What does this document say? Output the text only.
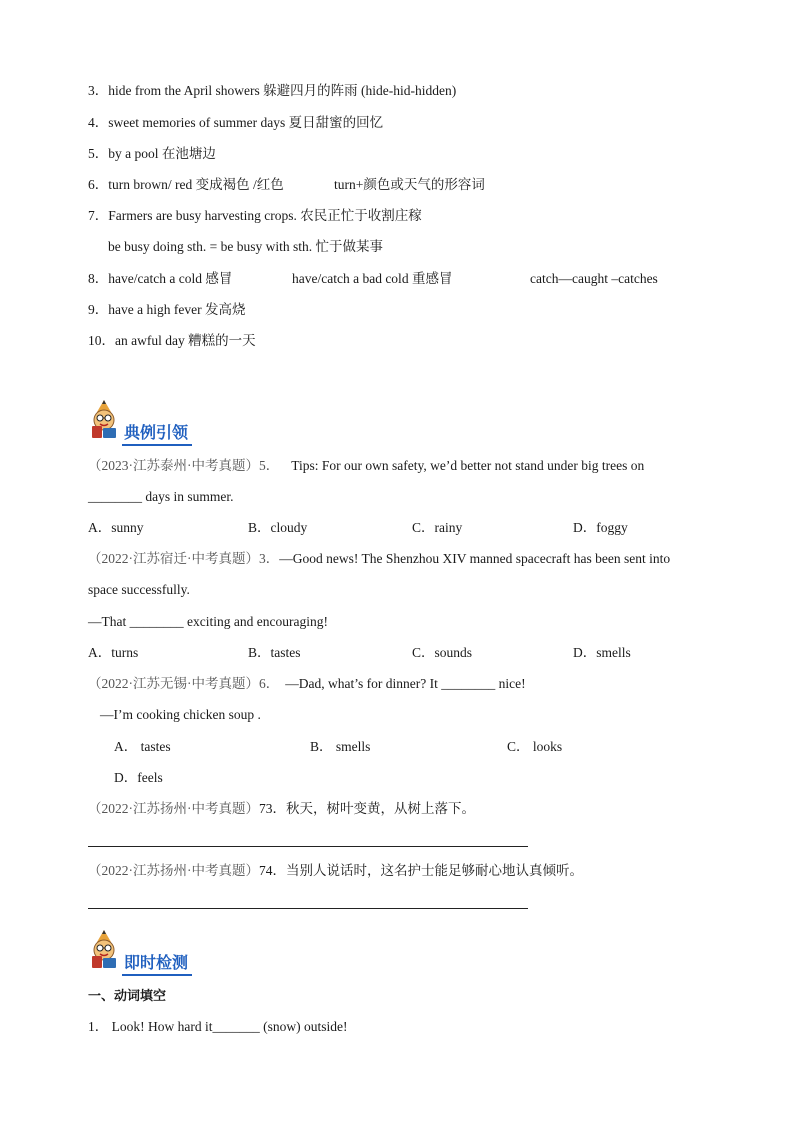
3．hide from the April showers 躲避四月的阵雨 (hide-hid-hidden)
4．sweet memories of summer days 夏日甜蜜的回忆
5．by a pool 在池塘边
6．turn brown/ red 变成褐色 /红色	turn+颜色或天气的形容词
7．Farmers are busy harvesting crops. 农民正忙于收割庄稼
be busy doing sth. = be busy with sth. 忙于做某事
8．have/catch a cold 感冒	have/catch a bad cold 重感冒	catch—caught –catches
9．have a high fever 发高烧
10．an awful day 糟糕的一天
典例引领
（2023·江苏泰州·中考真题）5． Tips: For our own safety, we’d better not stand under big trees on
________ days in summer.
A．sunny	B．cloudy	C．rainy	D．foggy
（2022·江苏宿迁·中考真题）3．—Good news! The Shenzhou XIV manned spacecraft has been sent into
space successfully.
—That ________ exciting and encouraging!
A．turns	B．tastes	C．sounds	D．smells
（2022·江苏无锡·中考真题）6． —Dad, what’s for dinner? It ________ nice!
—I’m cooking chicken soup .
A． tastes	B． smells	C． looks
D．feels
（2022·江苏扬州·中考真题）73．秋天，树叶变黄，从树上落下。
（2022·江苏扬州·中考真题）74．当别人说话时，这名护士能足够耐心地认真倾听。
即时检测
一、动词填空
1． Look! How hard it_______ (snow) outside!
